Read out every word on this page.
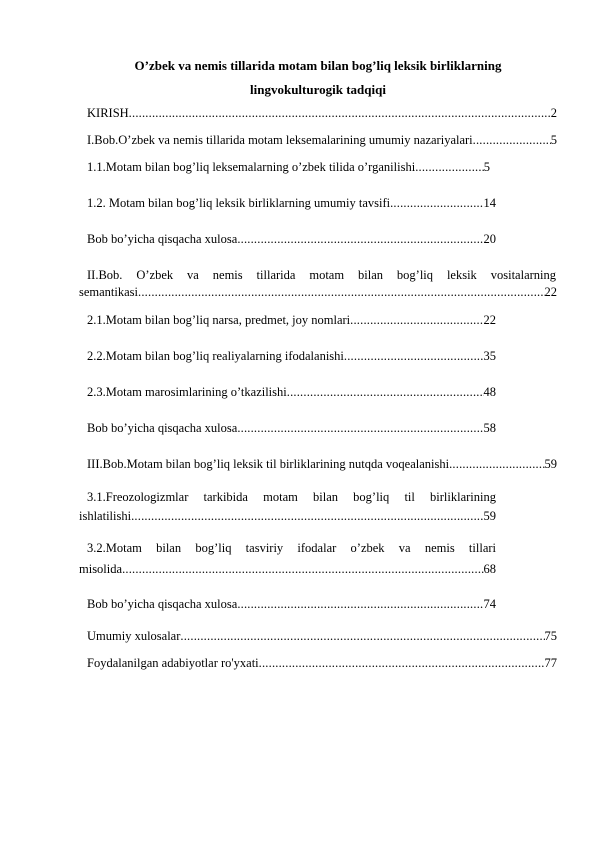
O’zbek va nemis tillarida motam bilan bog’liq leksik birliklarning
lingvokulturogik tadqiqi
KIRISH .....	2
I.Bob.O’zbek va nemis tillarida motam leksemalarining umumiy nazariyalari .....	5
1.1.Motam bilan bog’liq leksemalarning o’zbek tilida o’rganilishi .....	5
1.2. Motam bilan bog’liq leksik birliklarning umumiy tavsifi .....	14
Bob bo’yicha qisqacha xulosa .....	20
II.Bob. O’zbek va nemis tillarida motam bilan bog’liq leksik vositalarning
semantikasi .....	22
2.1.Motam bilan bog’liq narsa, predmet, joy nomlari .....	22
2.2.Motam bilan bog’liq realiyalarning ifodalanishi .....	35
2.3.Motam marosimlarining o’tkazilishi .....	48
Bob bo’yicha qisqacha xulosa .....	58
III.Bob.Motam bilan bog’liq leksik til birliklarining nutqda voqealanishi .....	59
3.1.Freozologizmlar tarkibida motam bilan bog’liq til birliklarining
ishlatilishi .....	59
3.2.Motam bilan bog’liq tasviriy ifodalar o’zbek va nemis tillari
misolida .....	68
Bob bo’yicha qisqacha xulosa .....	74
Umumiy xulosalar .....	75
Foydalanilgan adabiyotlar ro'yxati .....	77
